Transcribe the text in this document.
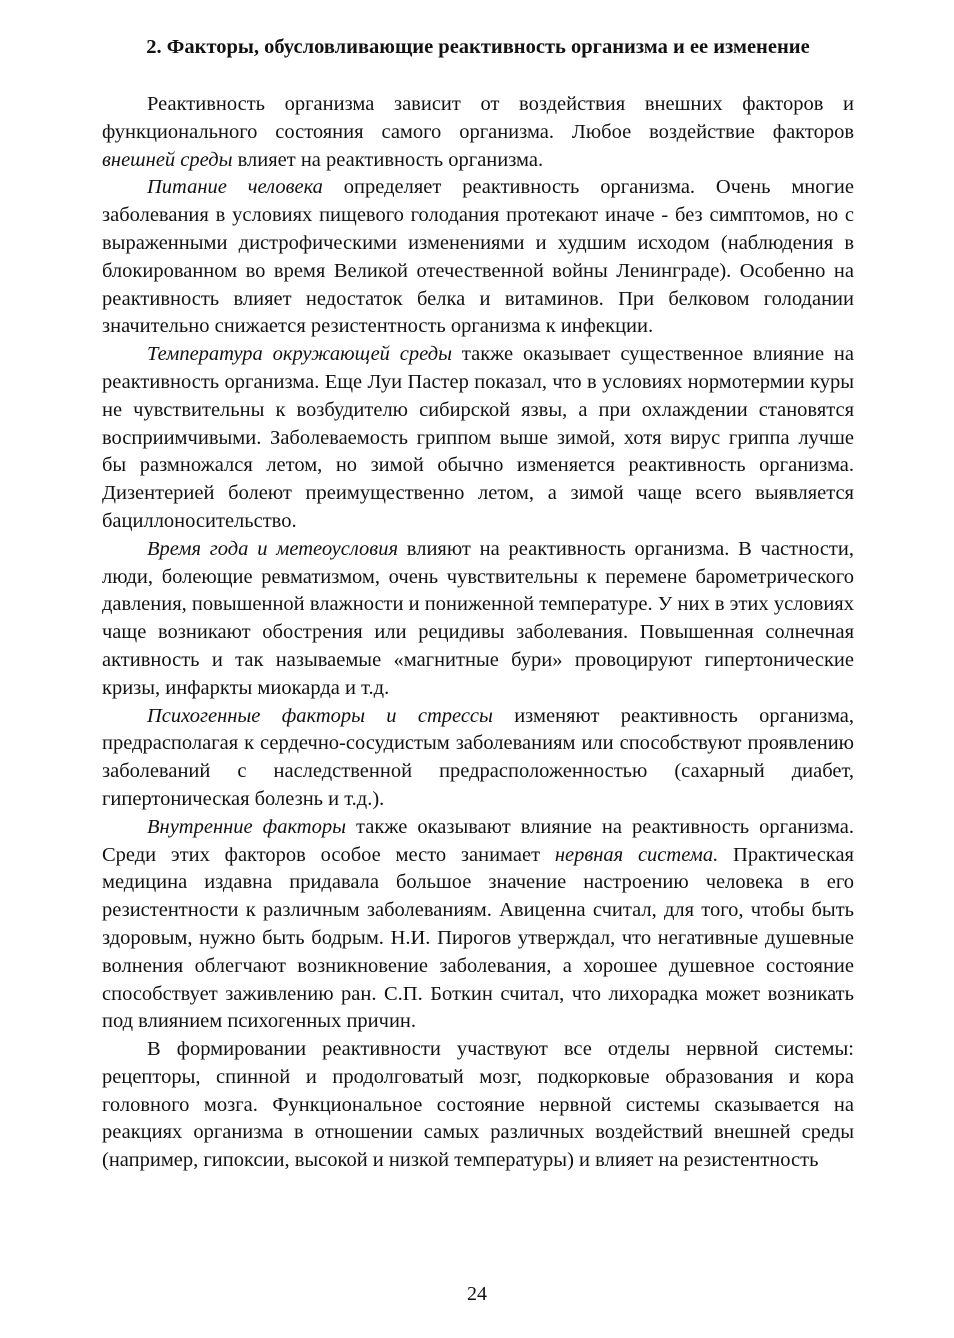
2. Факторы, обусловливающие реактивность организма и ее изменение

Реактивность организма зависит от воздействия внешних факторов и функционального состояния самого организма. Любое воздействие факторов внешней среды влияет на реактивность организма.

Питание человека определяет реактивность организма. Очень многие заболевания в условиях пищевого голодания протекают иначе - без симптомов, но с выраженными дистрофическими изменениями и худшим исходом (наблюдения в блокированном во время Великой отечественной войны Ленинграде). Особенно на реактивность влияет недостаток белка и витаминов. При белковом голодании значительно снижается резистентность организма к инфекции.

Температура окружающей среды также оказывает существенное влияние на реактивность организма. Еще Луи Пастер показал, что в условиях нормотермии куры не чувствительны к возбудителю сибирской язвы, а при охлаждении становятся восприимчивыми. Заболеваемость гриппом выше зимой, хотя вирус гриппа лучше бы размножался летом, но зимой обычно изменяется реактивность организма. Дизентерией болеют преимущественно летом, а зимой чаще всего выявляется бациллоносительство.

Время года и метеоусловия влияют на реактивность организма. В частности, люди, болеющие ревматизмом, очень чувствительны к перемене барометрического давления, повышенной влажности и пониженной температуре. У них в этих условиях чаще возникают обострения или рецидивы заболевания. Повышенная солнечная активность и так называемые «магнитные бури» провоцируют гипертонические кризы, инфаркты миокарда и т.д.

Психогенные факторы и стрессы изменяют реактивность организма, предрасполагая к сердечно-сосудистым заболеваниям или способствуют проявлению заболеваний с наследственной предрасположенностью (сахарный диабет, гипертоническая болезнь и т.д.).

Внутренние факторы также оказывают влияние на реактивность организма. Среди этих факторов особое место занимает нервная система. Практическая медицина издавна придавала большое значение настроению человека в его резистентности к различным заболеваниям. Авиценна считал, для того, чтобы быть здоровым, нужно быть бодрым. Н.И. Пирогов утверждал, что негативные душевные волнения облегчают возникновение заболевания, а хорошее душевное состояние способствует заживлению ран. С.П. Боткин считал, что лихорадка может возникать под влиянием психогенных причин.

В формировании реактивности участвуют все отделы нервной системы: рецепторы, спинной и продолговатый мозг, подкорковые образования и кора головного мозга. Функциональное состояние нервной системы сказывается на реакциях организма в отношении самых различных воздействий внешней среды (например, гипоксии, высокой и низкой температуры) и влияет на резистентность

24
